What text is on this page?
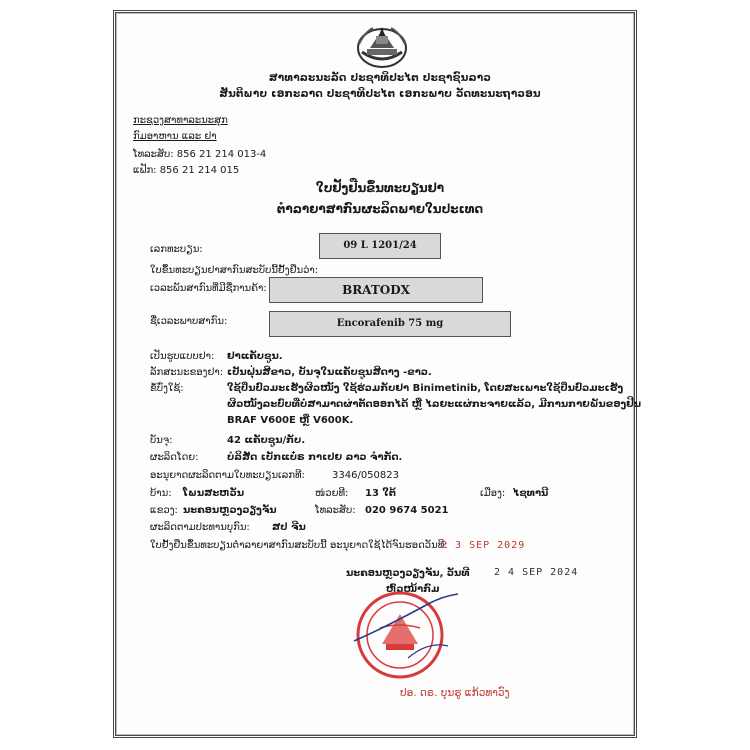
ສາທາລະນະລັດ ປະຊາທິປະໄຕ ປະຊາຊົນລາວ
ສັນຕິພາບ ເອກະລາດ ປະຊາທິປະໄຕ ເອກະພາບ ວັດທະນະຖາວອນ
ກະຊວງສາທາລະນະສຸກ
ກົມອາຫານ ແລະ ຢາ
ໂທລະສັບ: 856 21 214 013-4
ແຟັກ: 856 21 214 015
ໃບຢັ້ງຢືນຂຶ້ນທະບຽນຢາ
ຕຳລາຍາສາກົນຜະລິດພາຍໃນປະເທດ
ເລກທະບຽນ:	09 L 1201/24
ໃບຂຶ້ນທະບຽນຢາສາກົນສະບັບນີ້ຢັ້ງຢືນວ່າ:
ເວລະພັນສາກົນທີ່ມີຊື່ການຄ້າ:	BRATODX
ຊື່ເວລະພາບສາກົນ:	Encorafenib 75 mg
ເປັນຮູບແບບຢາ: ຢາແຄັບຊູນ.
ລັກສະນະຂອງຢາ: ເປັນຝຸ່ນສີຂາວ, ບັນຈຸໃນແຄັບຊູນສີດາງ -ຂາວ.
ຂໍ້ບົ່ງໃຊ້:	ໃຊ້ປິ່ນປົວມະເຮັງຜິວໜັງ ໃຊ້ຮ່ວມກັບຢາ Binimetinib, ໂດຍສະເພາະໃຊ້ປິ່ນປົວມະເຮັງ
ຜິວໜັງລະບົບທີ່ບໍ່ສາມາດຜ່າຕັດອອກໄດ້ ຫຼື ໄລຍະແຜ່ກະຈາຍແລ້ວ, ມີການກາຍພັນຂອງຢີນ
BRAF V600E ຫຼື V600K.
ບັນຈຸ:	42 ແຄັບຊູນ/ກັບ.
ຜະລິດໂດຍ:	ບໍລິສັດ ເບັກແບ໋ຣ ກາເປຍ ລາວ ຈຳກັດ.
ອະນຸຍາດຜະລິດຕາມໃບທະບຽນເລກທີ:	3346/050823
ບ້ານ: ໂພນສະຫວັນ	ໜ່ວຍທີ: 13 ໃຕ້	ເມືອງ: ໄຊທານີ
ແຂວງ: ນະຄອນຫຼວງວຽງຈັນ	ໂທລະສັບ: 020 9674 5021
ຜະລິດຕາມປະທານບຸກົນ: ສປ ຈີນ
ໃບຢັ້ງຢືນຂຶ້ນທະບຽນຕຳລາຍາສາກົນສະບັບນີ້ ອະນຸຍາດໃຊ້ໄດ້ຈົນຮອດວັນທີ:
2 3 SEP 2029
ນະຄອນຫຼວງວຽງຈັນ, ວັນທີ 2 4 SEP 2024
ຫົວໜ້າກົມ
ປອ. ດຣ. ບຸນຮູ ແກ້ວທາວົງ
